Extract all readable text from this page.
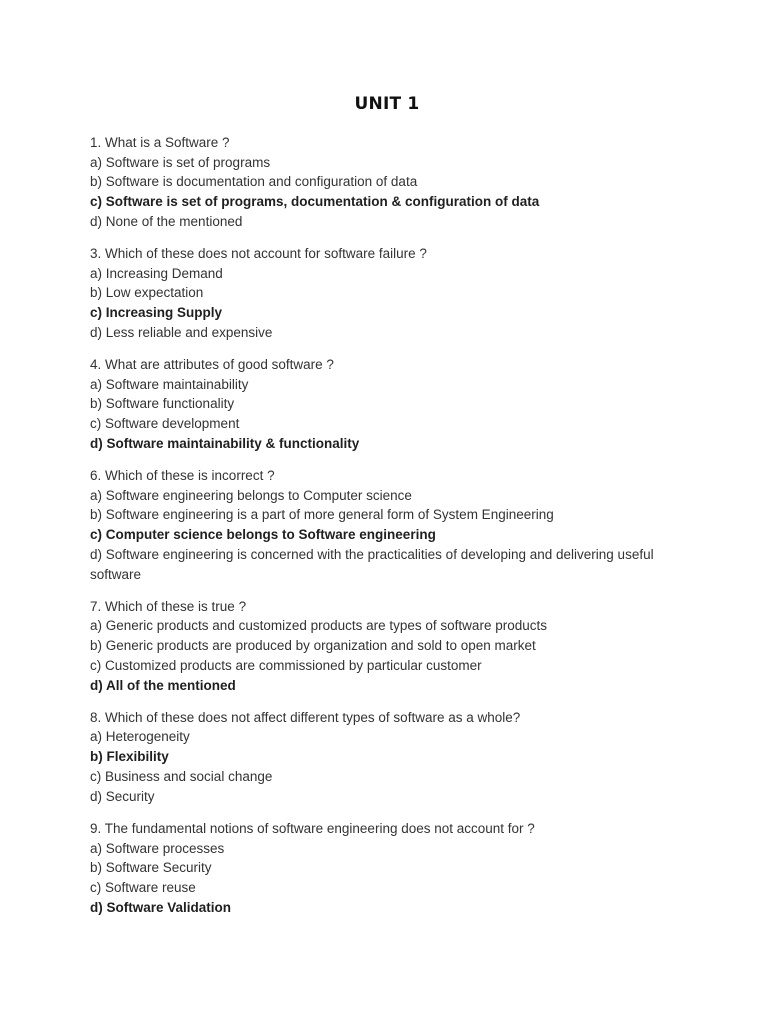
UNIT 1
1. What is a Software ?
a) Software is set of programs
b) Software is documentation and configuration of data
c) Software is set of programs, documentation & configuration of data
d) None of the mentioned
3. Which of these does not account for software failure ?
a) Increasing Demand
b) Low expectation
c) Increasing Supply
d) Less reliable and expensive
4. What are attributes of good software ?
a) Software maintainability
b) Software functionality
c) Software development
d) Software maintainability & functionality
6. Which of these is incorrect ?
a) Software engineering belongs to Computer science
b) Software engineering is a part of more general form of System Engineering
c) Computer science belongs to Software engineering
d) Software engineering is concerned with the practicalities of developing and delivering useful software
7. Which of these is true ?
a) Generic products and customized products are types of software products
b) Generic products are produced by organization and sold to open market
c) Customized products are commissioned by particular customer
d) All of the mentioned
8. Which of these does not affect different types of software as a whole?
a) Heterogeneity
b) Flexibility
c) Business and social change
d) Security
9. The fundamental notions of software engineering does not account for ?
a) Software processes
b) Software Security
c) Software reuse
d) Software Validation
